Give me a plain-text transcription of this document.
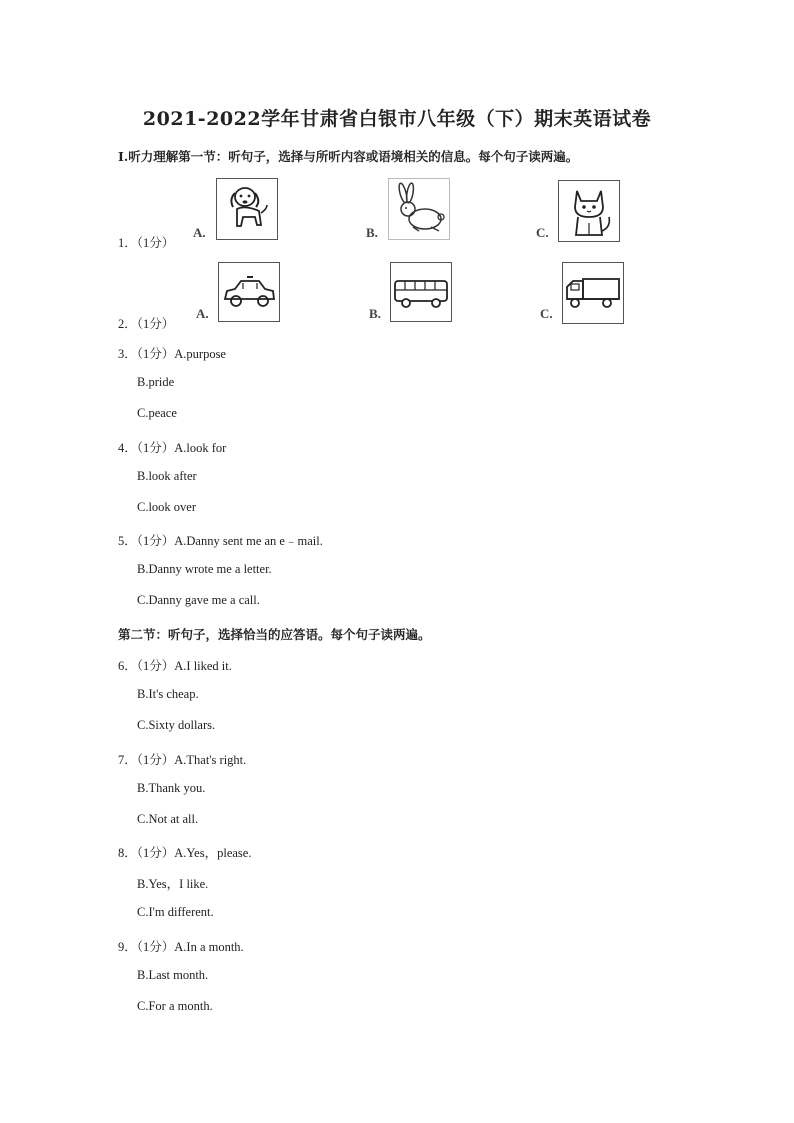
2021-2022学年甘肃省白银市八年级（下）期末英语试卷
Ⅰ.听力理解第一节：听句子，选择与所听内容或语境相关的信息。每个句子读两遍。
1．（1分）
A.	B.	C.
2．（1分）
A.	B.	C.
3．（1分）A.purpose
B.pride
C.peace
4．（1分）A.look for
B.look after
C.look over
5．（1分）A.Danny sent me an e﹣mail.
B.Danny wrote me a letter.
C.Danny gave me a call.
第二节：听句子，选择恰当的应答语。每个句子读两遍。
6．（1分）A.I liked it.
B.It's cheap.
C.Sixty dollars.
7．（1分）A.That's right.
B.Thank you.
C.Not at all.
8．（1分）A.Yes，please.
B.Yes，I like.
C.I'm different.
9．（1分）A.In a month.
B.Last month.
C.For a month.
